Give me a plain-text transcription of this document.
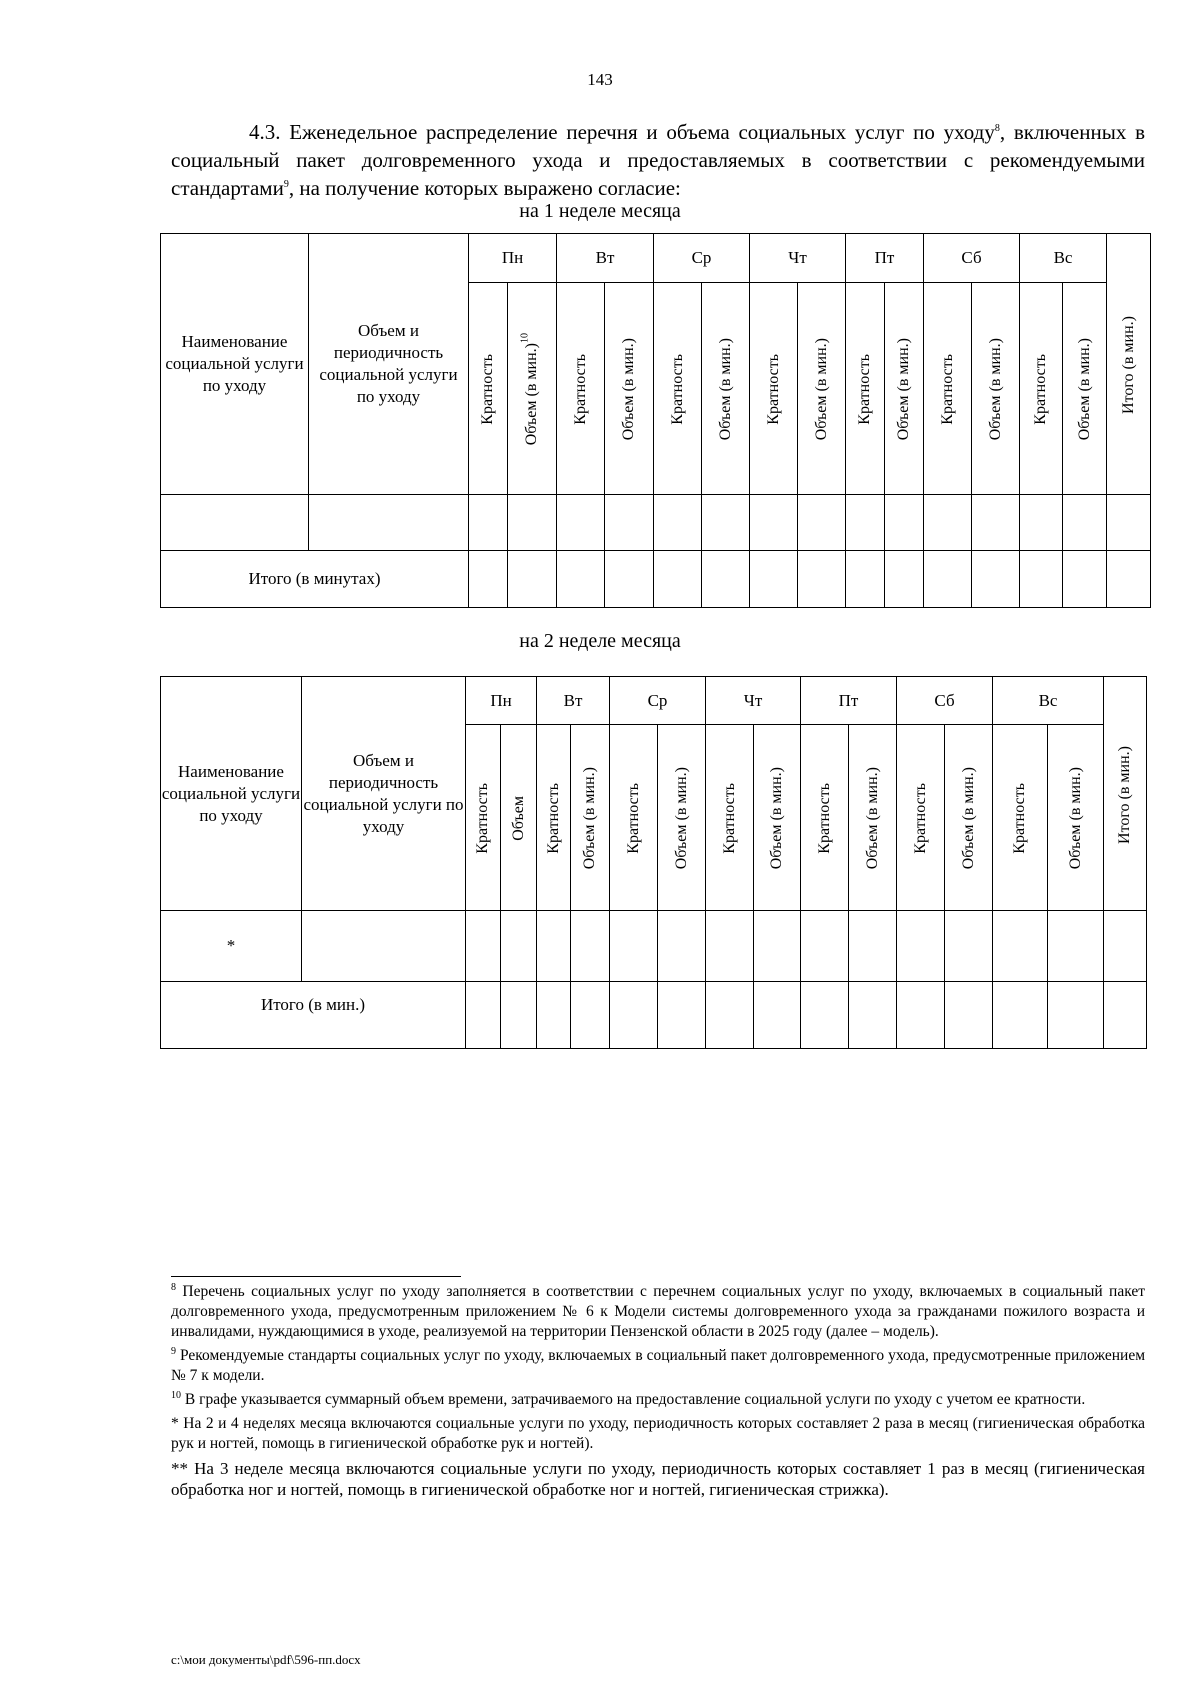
143
4.3. Еженедельное распределение перечня и объема социальных услуг по уходу$^8$, включенных в социальный пакет долговременного ухода и предоставляемых в соответствии с рекомендуемыми стандартами$^9$, на получение которых выражено согласие:
на 1 неделе месяца
Наименование социальной услуги по уходу	Объем и периодичность социальной услуги по уходу	Пн		Вт		Ср		Чт		Пт		Сб		Вс		Итого (в мин.)
		Кратность	Объем (в мин.)$^{10}$	Кратность	Объем (в мин.)	Кратность	Объем (в мин.)	Кратность	Объем (в мин.)	Кратность	Объем (в мин.)	Кратность	Объем (в мин.)	Кратность	Объем (в мин.)	

Итого (в минутах)																
на 2 неделе месяца
Наименование социальной услуги по уходу	Объем и периодичность социальной услуги по уходу	Пн		Вт		Ср		Чт		Пт		Сб		Вс		Итого (в мин.)
		Кратность	Объем	Кратность	Объем (в мин.)	Кратность	Объем (в мин.)	Кратность	Объем (в мин.)	Кратность	Объем (в мин.)	Кратность	Объем (в мин.)	Кратность	Объем (в мин.)	
*																
Итого (в мин.)																

$^8$ Перечень социальных услуг по уходу заполняется в соответствии с перечнем социальных услуг по уходу, включаемых в социальный пакет долговременного ухода, предусмотренным приложением № 6 к Модели системы долговременного ухода за гражданами пожилого возраста и инвалидами, нуждающимися в уходе, реализуемой на территории Пензенской области в 2025 году (далее – модель).

$^9$ Рекомендуемые стандарты социальных услуг по уходу, включаемых в социальный пакет долговременного ухода, предусмотренные приложением № 7 к модели.

$^{10}$ В графе указывается суммарный объем времени, затрачиваемого на предоставление социальной услуги по уходу с учетом ее кратности.

* На 2 и 4 неделях месяца включаются социальные услуги по уходу, периодичность которых составляет 2 раза в месяц (гигиеническая обработка рук и ногтей, помощь в гигиенической обработке рук и ногтей).

** На 3 неделе месяца включаются социальные услуги по уходу, периодичность которых составляет 1 раз в месяц (гигиеническая обработка ног и ногтей, помощь в гигиенической обработке ног и ногтей, гигиеническая стрижка).

c:\мои документы\pdf\596-пп.docx
